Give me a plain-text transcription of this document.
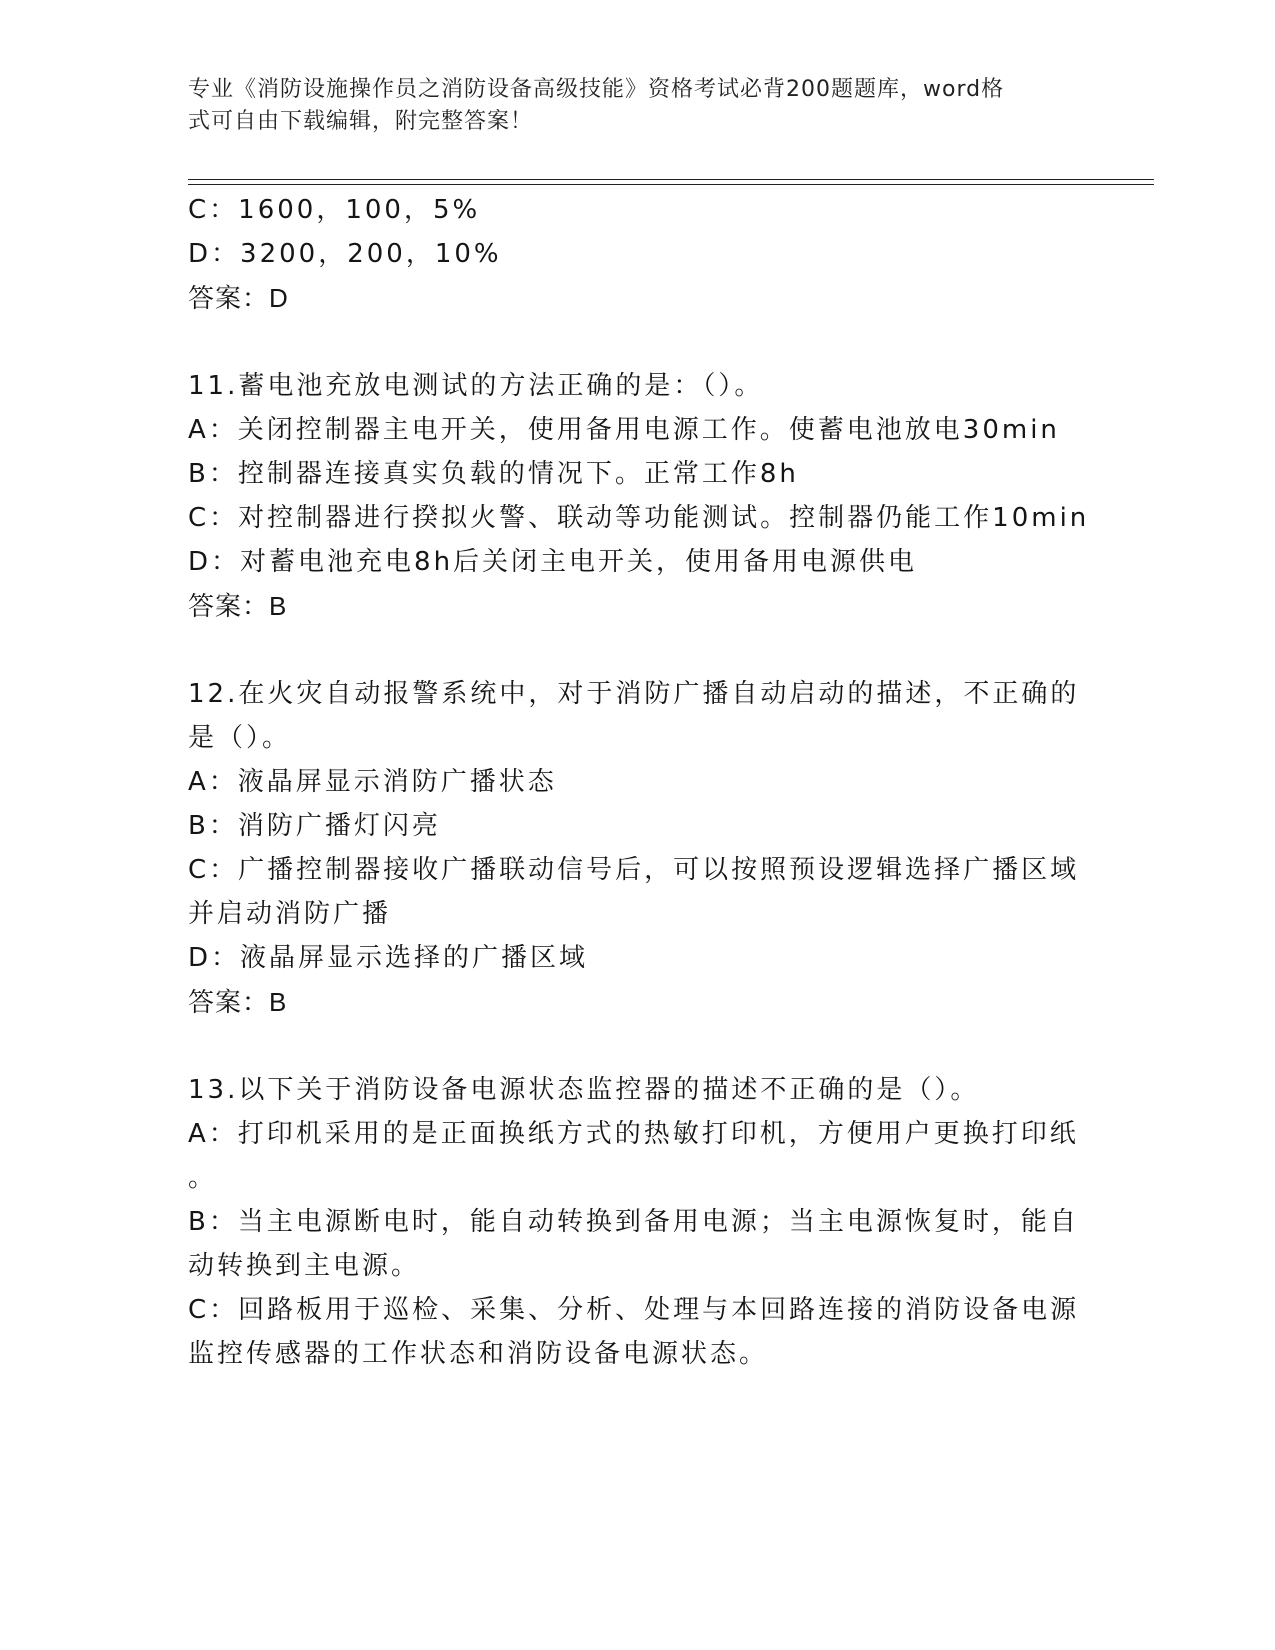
专业《消防设施操作员之消防设备高级技能》资格考试必背200题题库，word格
式可自由下载编辑，附完整答案！
C：1600，100，5%
D：3200，200，10%
答案：D
11.蓄电池充放电测试的方法正确的是：（）。
A：关闭控制器主电开关，使用备用电源工作。使蓄电池放电30min
B：控制器连接真实负载的情况下。正常工作8h
C：对控制器进行揆拟火警、联动等功能测试。控制器仍能工作10min
D：对蓄电池充电8h后关闭主电开关，使用备用电源供电
答案：B
12.在火灾自动报警系统中，对于消防广播自动启动的描述，不正确的
是（）。
A：液晶屏显示消防广播状态
B：消防广播灯闪亮
C：广播控制器接收广播联动信号后，可以按照预设逻辑选择广播区域
并启动消防广播
D：液晶屏显示选择的广播区域
答案：B
13.以下关于消防设备电源状态监控器的描述不正确的是（）。
A：打印机采用的是正面换纸方式的热敏打印机，方便用户更换打印纸
。
B：当主电源断电时，能自动转换到备用电源；当主电源恢复时，能自
动转换到主电源。
C：回路板用于巡检、采集、分析、处理与本回路连接的消防设备电源
监控传感器的工作状态和消防设备电源状态。
